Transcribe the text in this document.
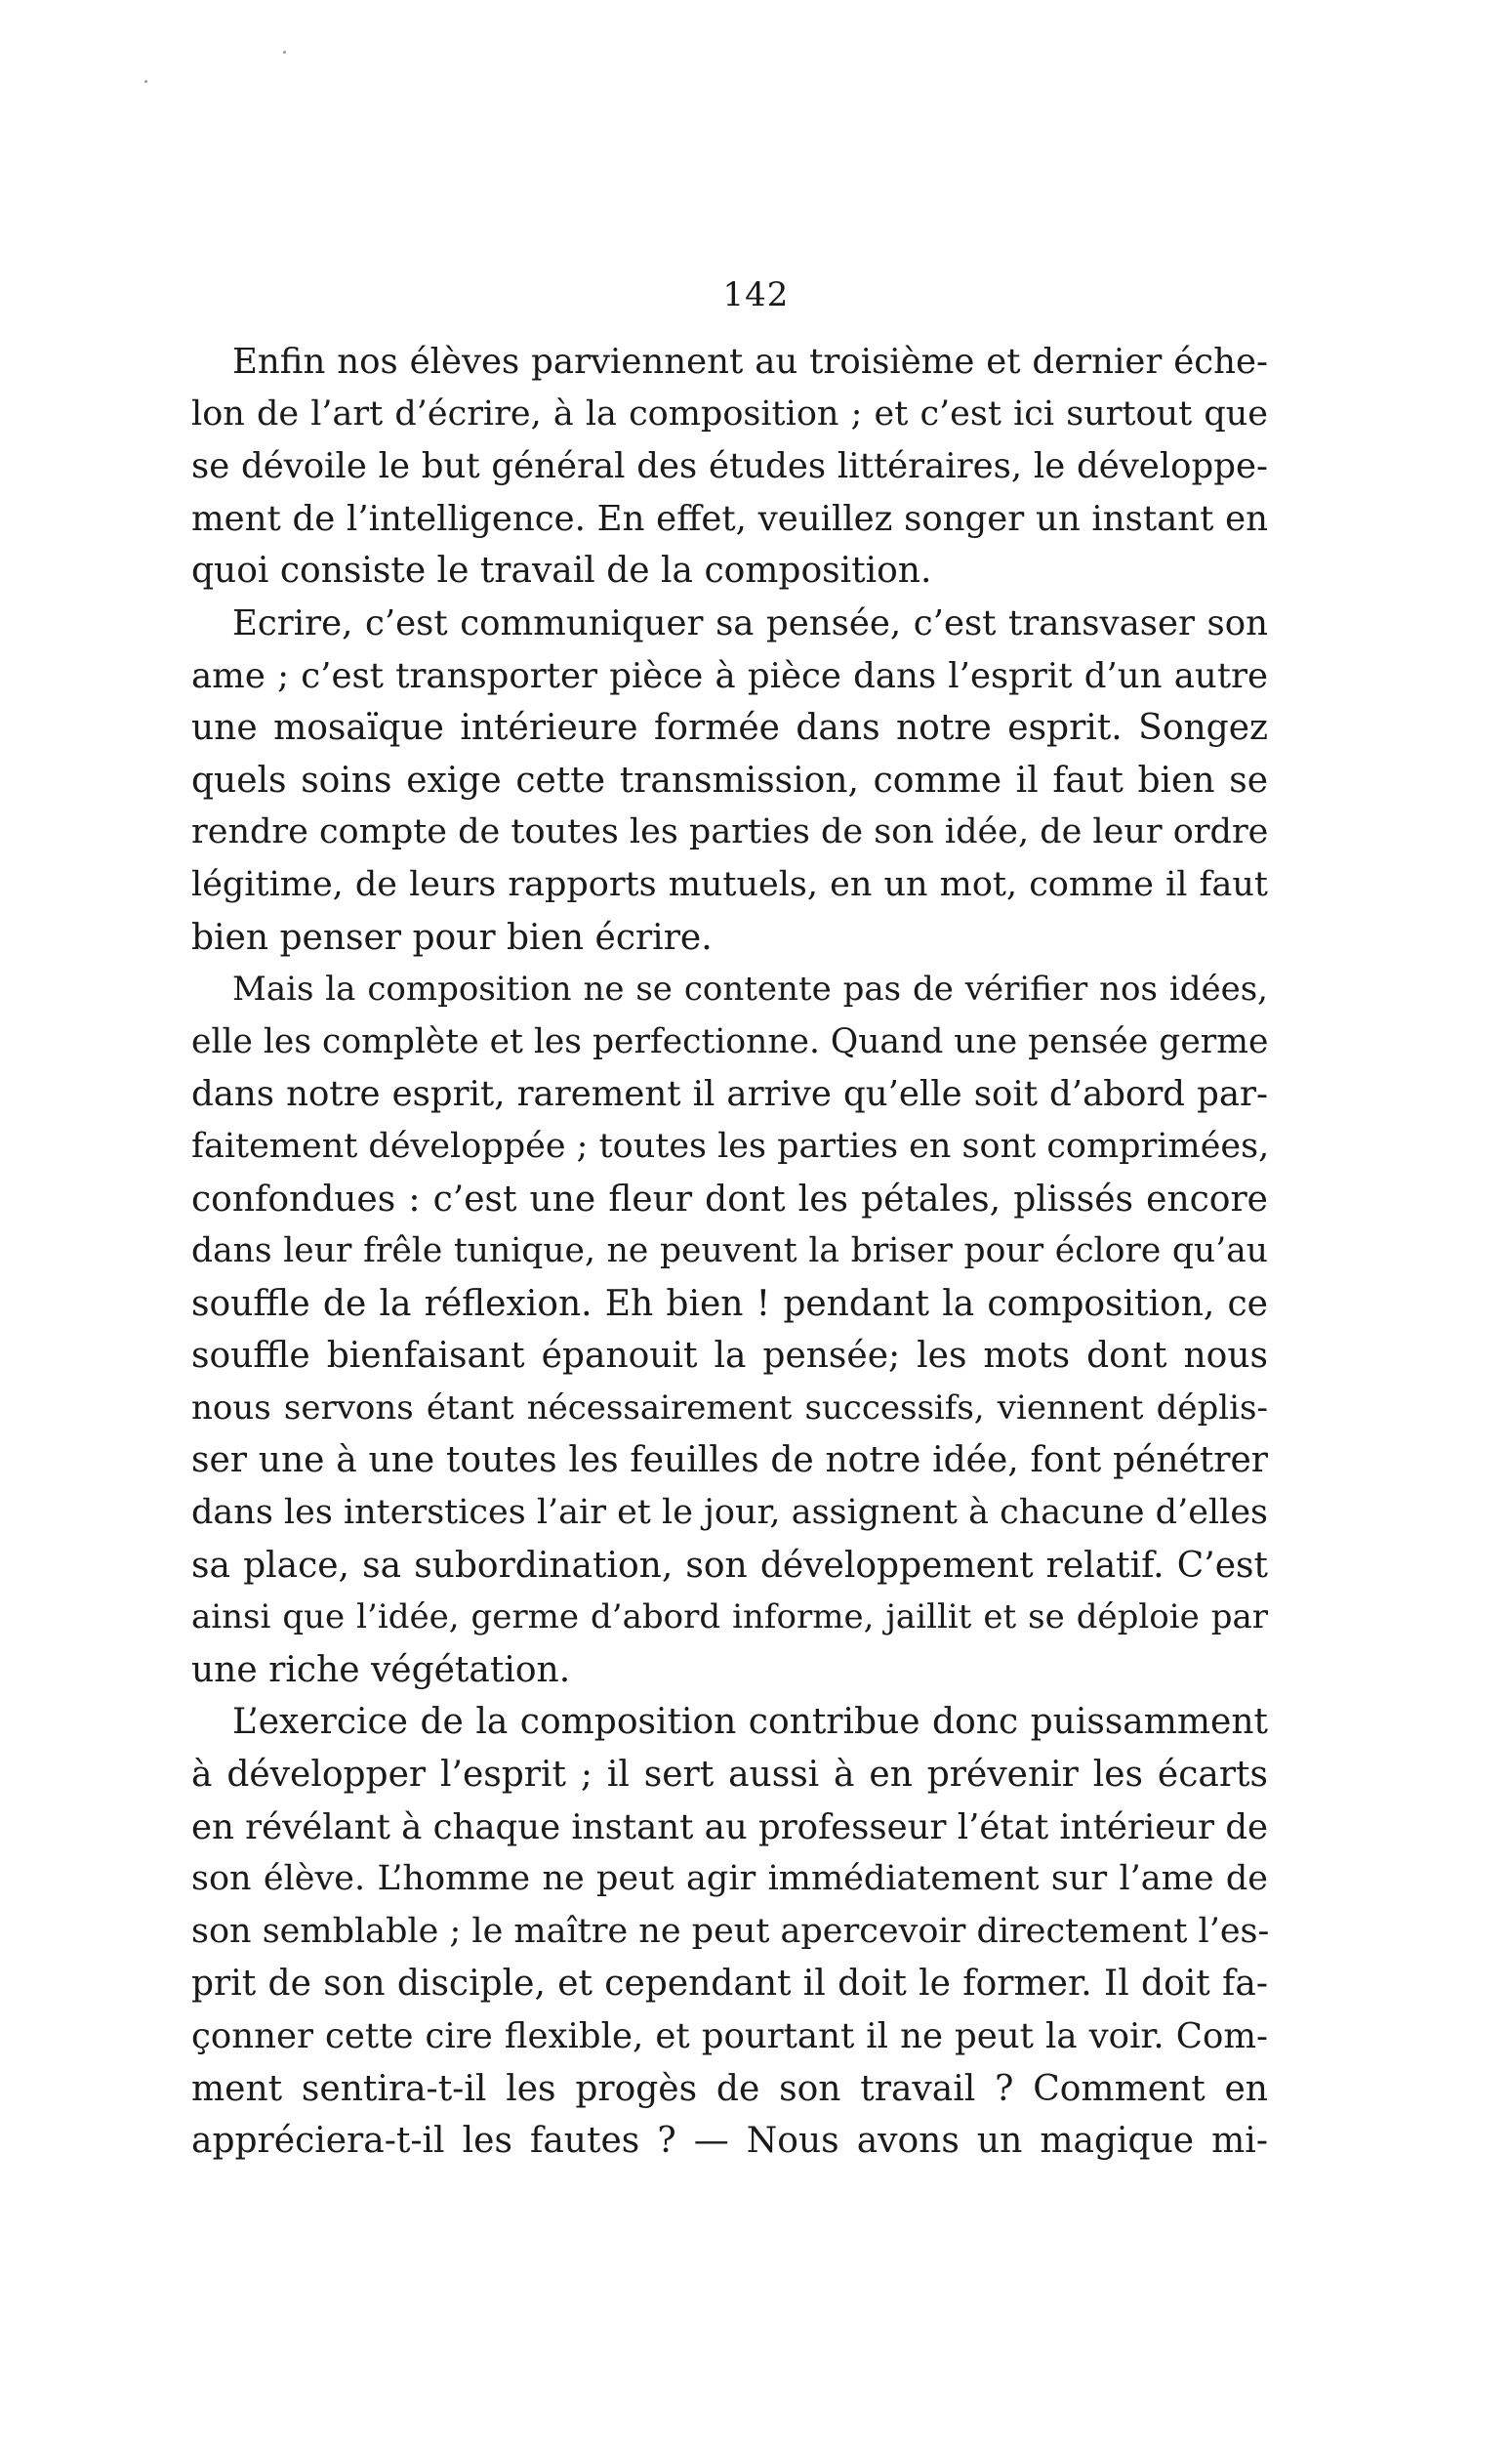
142
Enfin nos élèves parviennent au troisième et dernier éche-
lon de l’art d’écrire, à la composition ; et c’est ici surtout que
se dévoile le but général des études littéraires, le développe-
ment de l’intelligence. En effet, veuillez songer un instant en
quoi consiste le travail de la composition.
Ecrire, c’est communiquer sa pensée, c’est transvaser son
ame ; c’est transporter pièce à pièce dans l’esprit d’un autre
une mosaïque intérieure formée dans notre esprit. Songez
quels soins exige cette transmission, comme il faut bien se
rendre compte de toutes les parties de son idée, de leur ordre
légitime, de leurs rapports mutuels, en un mot, comme il faut
bien penser pour bien écrire.
Mais la composition ne se contente pas de vérifier nos idées,
elle les complète et les perfectionne. Quand une pensée germe
dans notre esprit, rarement il arrive qu’elle soit d’abord par-
faitement développée ; toutes les parties en sont comprimées,
confondues : c’est une fleur dont les pétales, plissés encore
dans leur frêle tunique, ne peuvent la briser pour éclore qu’au
souffle de la réflexion. Eh bien ! pendant la composition, ce
souffle bienfaisant épanouit la pensée; les mots dont nous
nous servons étant nécessairement successifs, viennent déplis-
ser une à une toutes les feuilles de notre idée, font pénétrer
dans les interstices l’air et le jour, assignent à chacune d’elles
sa place, sa subordination, son développement relatif. C’est
ainsi que l’idée, germe d’abord informe, jaillit et se déploie par
une riche végétation.
L’exercice de la composition contribue donc puissamment
à développer l’esprit ; il sert aussi à en prévenir les écarts
en révélant à chaque instant au professeur l’état intérieur de
son élève. L’homme ne peut agir immédiatement sur l’ame de
son semblable ; le maître ne peut apercevoir directement l’es-
prit de son disciple, et cependant il doit le former. Il doit fa-
çonner cette cire flexible, et pourtant il ne peut la voir. Com-
ment sentira-t-il les progès de son travail ? Comment en
appréciera-t-il les fautes ? — Nous avons un magique mi-
